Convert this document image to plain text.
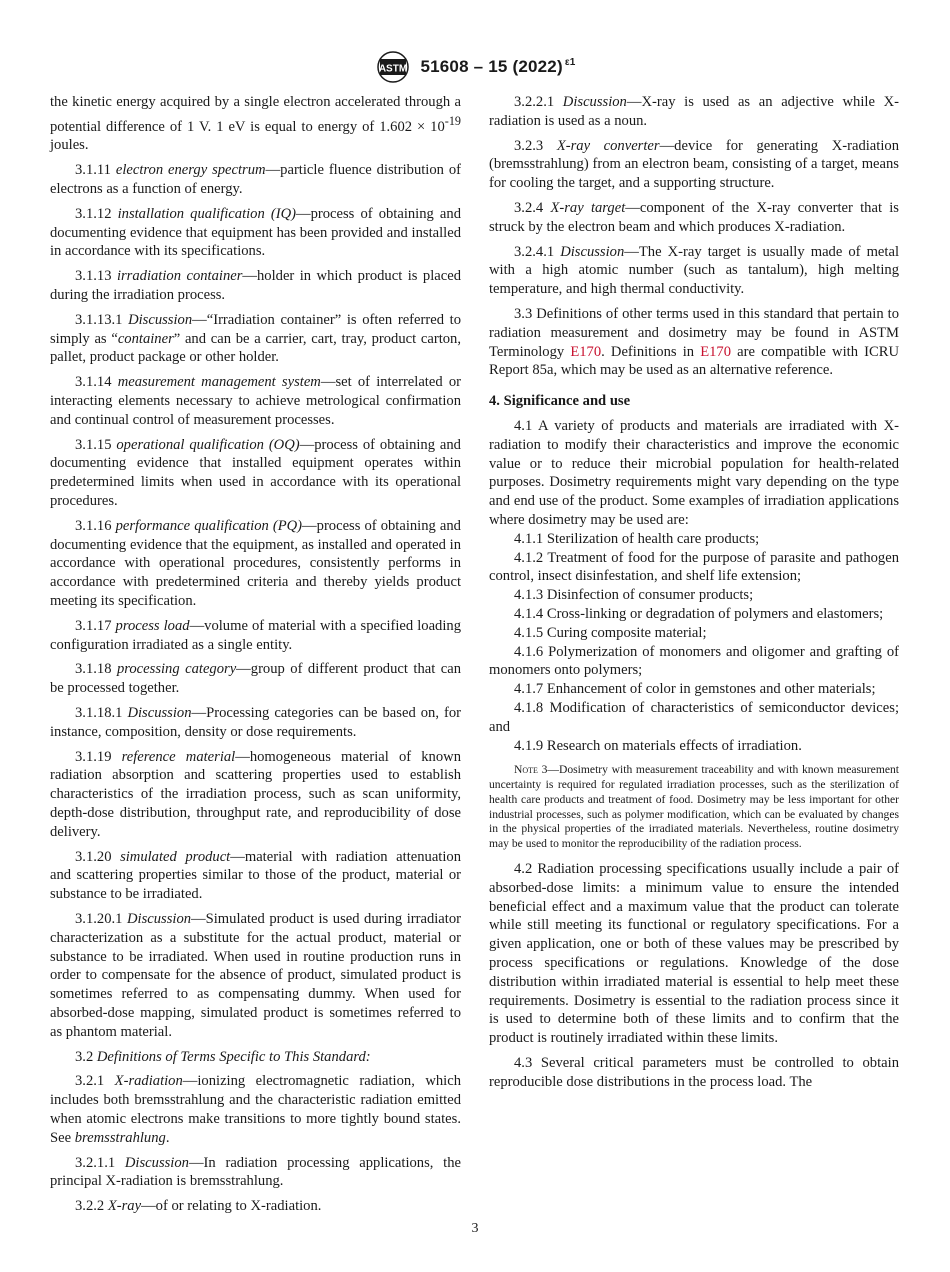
ASTM 51608 – 15 (2022) $^{\varepsilon 1}$

the kinetic energy acquired by a single electron accelerated through a potential difference of 1 V. 1 eV is equal to energy of $1.602 \times 10^{-19}$ joules.

3.1.11 electron energy spectrum—particle fluence distribution of electrons as a function of energy.

3.1.12 installation qualification (IQ)—process of obtaining and documenting evidence that equipment has been provided and installed in accordance with its specifications.

3.1.13 irradiation container—holder in which product is placed during the irradiation process.

3.1.13.1 Discussion—“Irradiation container” is often referred to simply as “container” and can be a carrier, cart, tray, product carton, pallet, product package or other holder.

3.1.14 measurement management system—set of interrelated or interacting elements necessary to achieve metrological confirmation and continual control of measurement processes.

3.1.15 operational qualification (OQ)—process of obtaining and documenting evidence that installed equipment operates within predetermined limits when used in accordance with its operational procedures.

3.1.16 performance qualification (PQ)—process of obtaining and documenting evidence that the equipment, as installed and operated in accordance with operational procedures, consistently performs in accordance with predetermined criteria and thereby yields product meeting its specification.

3.1.17 process load—volume of material with a specified loading configuration irradiated as a single entity.

3.1.18 processing category—group of different product that can be processed together.

3.1.18.1 Discussion—Processing categories can be based on, for instance, composition, density or dose requirements.

3.1.19 reference material—homogeneous material of known radiation absorption and scattering properties used to establish characteristics of the irradiation process, such as scan uniformity, depth-dose distribution, throughput rate, and reproducibility of dose delivery.

3.1.20 simulated product—material with radiation attenuation and scattering properties similar to those of the product, material or substance to be irradiated.

3.1.20.1 Discussion—Simulated product is used during irradiator characterization as a substitute for the actual product, material or substance to be irradiated. When used in routine production runs in order to compensate for the absence of product, simulated product is sometimes referred to as compensating dummy. When used for absorbed-dose mapping, simulated product is sometimes referred to as phantom material.

3.2 Definitions of Terms Specific to This Standard:

3.2.1 X-radiation—ionizing electromagnetic radiation, which includes both bremsstrahlung and the characteristic radiation emitted when atomic electrons make transitions to more tightly bound states. See bremsstrahlung.

3.2.1.1 Discussion—In radiation processing applications, the principal X-radiation is bremsstrahlung.

3.2.2 X-ray—of or relating to X-radiation.

3.2.2.1 Discussion—X-ray is used as an adjective while X-radiation is used as a noun.

3.2.3 X-ray converter—device for generating X-radiation (bremsstrahlung) from an electron beam, consisting of a target, means for cooling the target, and a supporting structure.

3.2.4 X-ray target—component of the X-ray converter that is struck by the electron beam and which produces X-radiation.

3.2.4.1 Discussion—The X-ray target is usually made of metal with a high atomic number (such as tantalum), high melting temperature, and high thermal conductivity.

3.3 Definitions of other terms used in this standard that pertain to radiation measurement and dosimetry may be found in ASTM Terminology E170. Definitions in E170 are compatible with ICRU Report 85a, which may be used as an alternative reference.

4. Significance and use

4.1 A variety of products and materials are irradiated with X-radiation to modify their characteristics and improve the economic value or to reduce their microbial population for health-related purposes. Dosimetry requirements might vary depending on the type and end use of the product. Some examples of irradiation applications where dosimetry may be used are:

4.1.1 Sterilization of health care products;

4.1.2 Treatment of food for the purpose of parasite and pathogen control, insect disinfestation, and shelf life extension;

4.1.3 Disinfection of consumer products;

4.1.4 Cross-linking or degradation of polymers and elastomers;

4.1.5 Curing composite material;

4.1.6 Polymerization of monomers and oligomer and grafting of monomers onto polymers;

4.1.7 Enhancement of color in gemstones and other materials;

4.1.8 Modification of characteristics of semiconductor devices; and

4.1.9 Research on materials effects of irradiation.

Note 3—Dosimetry with measurement traceability and with known measurement uncertainty is required for regulated irradiation processes, such as the sterilization of health care products and treatment of food. Dosimetry may be less important for other industrial processes, such as polymer modification, which can be evaluated by changes in the physical properties of the irradiated materials. Nevertheless, routine dosimetry may be used to monitor the reproducibility of the radiation process.

4.2 Radiation processing specifications usually include a pair of absorbed-dose limits: a minimum value to ensure the intended beneficial effect and a maximum value that the product can tolerate while still meeting its functional or regulatory specifications. For a given application, one or both of these values may be prescribed by process specifications or regulations. Knowledge of the dose distribution within irradiated material is essential to help meet these requirements. Dosimetry is essential to the radiation process since it is used to determine both of these limits and to confirm that the product is routinely irradiated within these limits.

4.3 Several critical parameters must be controlled to obtain reproducible dose distributions in the process load. The

3
